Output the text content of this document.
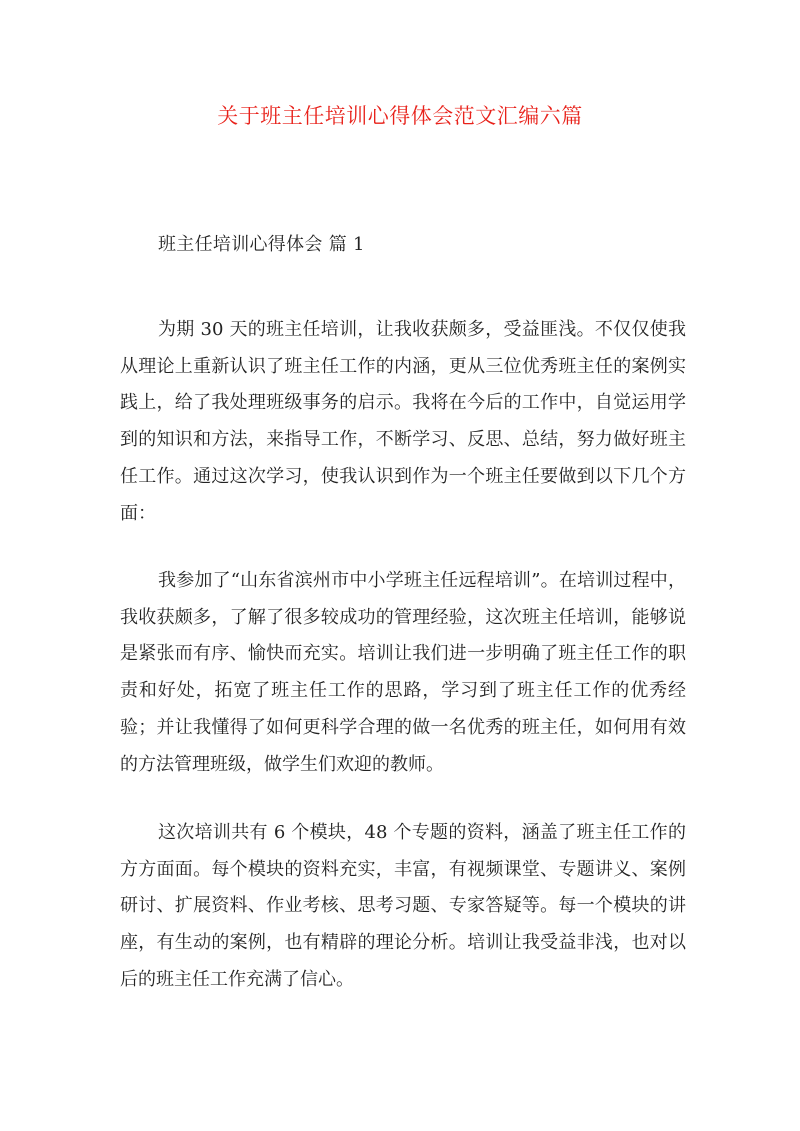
关于班主任培训心得体会范文汇编六篇
班主任培训心得体会 篇 1

为期 30 天的班主任培训，让我收获颇多，受益匪浅。不仅仅使我从理论上重新认识了班主任工作的内涵，更从三位优秀班主任的案例实践上，给了我处理班级事务的启示。我将在今后的工作中，自觉运用学到的知识和方法，来指导工作，不断学习、反思、总结，努力做好班主任工作。通过这次学习，使我认识到作为一个班主任要做到以下几个方面：

我参加了“山东省滨州市中小学班主任远程培训”。在培训过程中，我收获颇多，了解了很多较成功的管理经验，这次班主任培训，能够说是紧张而有序、愉快而充实。培训让我们进一步明确了班主任工作的职责和好处，拓宽了班主任工作的思路，学习到了班主任工作的优秀经验；并让我懂得了如何更科学合理的做一名优秀的班主任，如何用有效的方法管理班级，做学生们欢迎的教师。

这次培训共有 6 个模块，48 个专题的资料，涵盖了班主任工作的方方面面。每个模块的资料充实，丰富，有视频课堂、专题讲义、案例研讨、扩展资料、作业考核、思考习题、专家答疑等。每一个模块的讲座，有生动的案例，也有精辟的理论分析。培训让我受益非浅，也对以后的班主任工作充满了信心。
